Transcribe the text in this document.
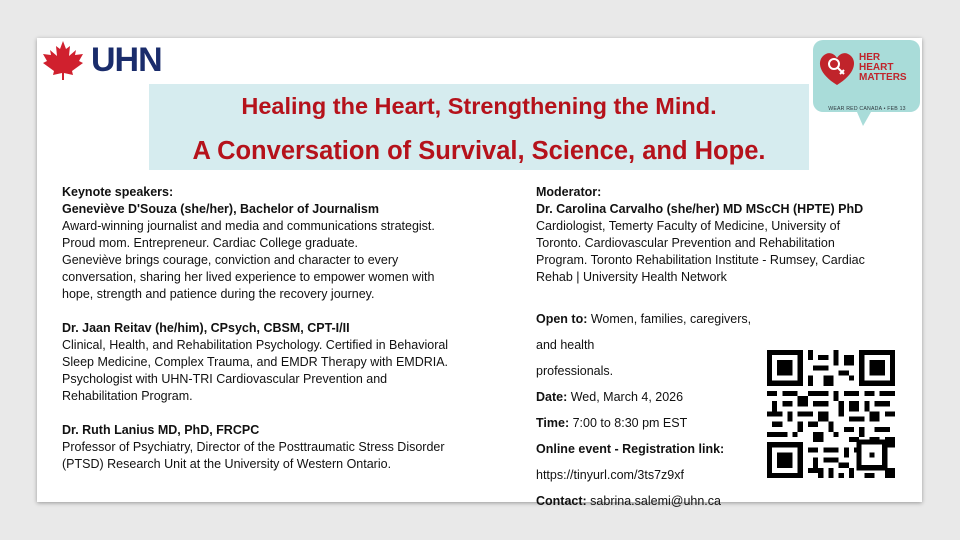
UHN	HER
HEART
MATTERS
WEAR RED CANADA • FEB 13
Healing the Heart, Strengthening the Mind.
A Conversation of Survival, Science, and Hope.

Keynote speakers:

Geneviève D'Souza (she/her), Bachelor of Journalism

Award-winning journalist and media and communications strategist.

Proud mom. Entrepreneur. Cardiac College graduate.

Geneviève brings courage, conviction and character to every

conversation, sharing her lived experience to empower women with

hope, strength and patience during the recovery journey.

Dr. Jaan Reitav (he/him), CPsych, CBSM, CPT-I/II

Clinical, Health, and Rehabilitation Psychology. Certified in Behavioral

Sleep Medicine, Complex Trauma, and EMDR Therapy with EMDRIA.

Psychologist with UHN-TRI Cardiovascular Prevention and

Rehabilitation Program.

Dr. Ruth Lanius MD, PhD, FRCPC

Professor of Psychiatry, Director of the Posttraumatic Stress Disorder

(PTSD) Research Unit at the University of Western Ontario.

Moderator:

Dr. Carolina Carvalho (she/her) MD MScCH (HPTE) PhD

Cardiologist, Temerty Faculty of Medicine, University of

Toronto. Cardiovascular Prevention and Rehabilitation

Program. Toronto Rehabilitation Institute - Rumsey, Cardiac

Rehab | University Health Network

Open to: Women, families, caregivers, and health

professionals.

Date: Wed, March 4, 2026

Time: 7:00 to 8:30 pm EST

Online event - Registration link:

https://tinyurl.com/3ts7z9xf

Contact: sabrina.salemi@uhn.ca
